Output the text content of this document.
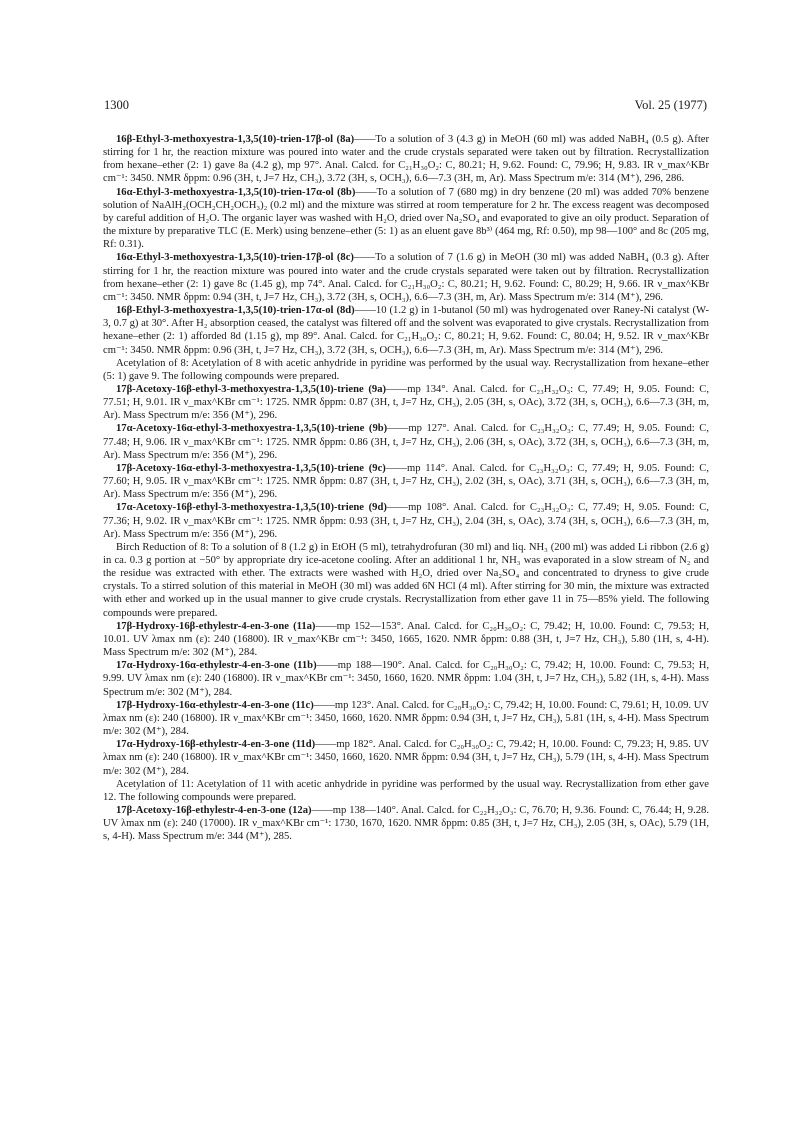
1300	Vol. 25 (1977)

16β-Ethyl-3-methoxyestra-1,3,5(10)-trien-17β-ol (8a)——To a solution of 3 (4.3 g) in MeOH (60 ml) was added NaBH₄ (0.5 g). After stirring for 1 hr, the reaction mixture was poured into water and the crude crystals separated were taken out by filtration. Recrystallization from hexane–ether (2: 1) gave 8a (4.2 g), mp 97°. Anal. Calcd. for C₂₁H₃₀O₂: C, 80.21; H, 9.62. Found: C, 79.96; H, 9.83. IR ν_max^KBr cm⁻¹: 3450. NMR δppm: 0.96 (3H, t, J=7 Hz, CH₃), 3.72 (3H, s, OCH₃), 6.6—7.3 (3H, m, Ar). Mass Spectrum m/e: 314 (M⁺), 296, 286.

16α-Ethyl-3-methoxyestra-1,3,5(10)-trien-17α-ol (8b)——To a solution of 7 (680 mg) in dry benzene (20 ml) was added 70% benzene solution of NaAlH₂(OCH₂CH₂OCH₃)₂ (0.2 ml) and the mixture was stirred at room temperature for 2 hr. The excess reagent was decomposed by careful addition of H₂O. The organic layer was washed with H₂O, dried over Na₂SO₄ and evaporated to give an oily product. Separation of the mixture by preparative TLC (E. Merk) using benzene–ether (5: 1) as an eluent gave 8b³⁾ (464 mg, Rf: 0.50), mp 98—100° and 8c (205 mg, Rf: 0.31).

16α-Ethyl-3-methoxyestra-1,3,5(10)-trien-17β-ol (8c)——To a solution of 7 (1.6 g) in MeOH (30 ml) was added NaBH₄ (0.3 g). After stirring for 1 hr, the reaction mixture was poured into water and the crude crystals separated were taken out by filtration. Recrystallization from hexane–ether (2: 1) gave 8c (1.45 g), mp 74°. Anal. Calcd. for C₂₁H₃₀O₂: C, 80.21; H, 9.62. Found: C, 80.29; H, 9.66. IR ν_max^KBr cm⁻¹: 3450. NMR δppm: 0.94 (3H, t, J=7 Hz, CH₃), 3.72 (3H, s, OCH₃), 6.6—7.3 (3H, m, Ar). Mass Spectrum m/e: 314 (M⁺), 296.

16β-Ethyl-3-methoxyestra-1,3,5(10)-trien-17α-ol (8d)——10 (1.2 g) in 1-butanol (50 ml) was hydrogenated over Raney-Ni catalyst (W-3, 0.7 g) at 30°. After H₂ absorption ceased, the catalyst was filtered off and the solvent was evaporated to give crystals. Recrystallization from hexane–ether (2: 1) afforded 8d (1.15 g), mp 89°. Anal. Calcd. for C₂₁H₃₀O₂: C, 80.21; H, 9.62. Found: C, 80.04; H, 9.52. IR ν_max^KBr cm⁻¹: 3450. NMR δppm: 0.96 (3H, t, J=7 Hz, CH₃), 3.72 (3H, s, OCH₃), 6.6—7.3 (3H, m, Ar). Mass Spectrum m/e: 314 (M⁺), 296.

Acetylation of 8: Acetylation of 8 with acetic anhydride in pyridine was performed by the usual way. Recrystallization from hexane–ether (5: 1) gave 9. The following compounds were prepared.

17β-Acetoxy-16β-ethyl-3-methoxyestra-1,3,5(10)-triene (9a)——mp 134°. Anal. Calcd. for C₂₃H₃₂O₃: C, 77.49; H, 9.05. Found: C, 77.51; H, 9.01. IR ν_max^KBr cm⁻¹: 1725. NMR δppm: 0.87 (3H, t, J=7 Hz, CH₃), 2.05 (3H, s, OAc), 3.72 (3H, s, OCH₃), 6.6—7.3 (3H, m, Ar). Mass Spectrum m/e: 356 (M⁺), 296.

17α-Acetoxy-16α-ethyl-3-methoxyestra-1,3,5(10)-triene (9b)——mp 127°. Anal. Calcd. for C₂₃H₃₂O₃: C, 77.49; H, 9.05. Found: C, 77.48; H, 9.06. IR ν_max^KBr cm⁻¹: 1725. NMR δppm: 0.86 (3H, t, J=7 Hz, CH₃), 2.06 (3H, s, OAc), 3.72 (3H, s, OCH₃), 6.6—7.3 (3H, m, Ar). Mass Spectrum m/e: 356 (M⁺), 296.

17β-Acetoxy-16α-ethyl-3-methoxyestra-1,3,5(10)-triene (9c)——mp 114°. Anal. Calcd. for C₂₃H₃₂O₃: C, 77.49; H, 9.05. Found: C, 77.60; H, 9.05. IR ν_max^KBr cm⁻¹: 1725. NMR δppm: 0.87 (3H, t, J=7 Hz, CH₃), 2.02 (3H, s, OAc), 3.71 (3H, s, OCH₃), 6.6—7.3 (3H, m, Ar). Mass Spectrum m/e: 356 (M⁺), 296.

17α-Acetoxy-16β-ethyl-3-methoxyestra-1,3,5(10)-triene (9d)——mp 108°. Anal. Calcd. for C₂₃H₃₂O₃: C, 77.49; H, 9.05. Found: C, 77.36; H, 9.02. IR ν_max^KBr cm⁻¹: 1725. NMR δppm: 0.93 (3H, t, J=7 Hz, CH₃), 2.04 (3H, s, OAc), 3.74 (3H, s, OCH₃), 6.6—7.3 (3H, m, Ar). Mass Spectrum m/e: 356 (M⁺), 296.

Birch Reduction of 8: To a solution of 8 (1.2 g) in EtOH (5 ml), tetrahydrofuran (30 ml) and liq. NH₃ (200 ml) was added Li ribbon (2.6 g) in ca. 0.3 g portion at −50° by appropriate dry ice-acetone cooling. After an additional 1 hr, NH₃ was evaporated in a slow stream of N₂ and the residue was extracted with ether. The extracts were washed with H₂O, dried over Na₂SO₄ and concentrated to dryness to give crude crystals. To a stirred solution of this material in MeOH (30 ml) was added 6N HCl (4 ml). After stirring for 30 min, the mixture was extracted with ether and worked up in the usual manner to give crude crystals. Recrystallization from ether gave 11 in 75—85% yield. The following compounds were prepared.

17β-Hydroxy-16β-ethylestr-4-en-3-one (11a)——mp 152—153°. Anal. Calcd. for C₂₀H₃₀O₂: C, 79.42; H, 10.00. Found: C, 79.53; H, 10.01. UV λmax nm (ε): 240 (16800). IR ν_max^KBr cm⁻¹: 3450, 1665, 1620. NMR δppm: 0.88 (3H, t, J=7 Hz, CH₃), 5.80 (1H, s, 4-H). Mass Spectrum m/e: 302 (M⁺), 284.

17α-Hydroxy-16α-ethylestr-4-en-3-one (11b)——mp 188—190°. Anal. Calcd. for C₂₀H₃₀O₂: C, 79.42; H, 10.00. Found: C, 79.53; H, 9.99. UV λmax nm (ε): 240 (16800). IR ν_max^KBr cm⁻¹: 3450, 1660, 1620. NMR δppm: 1.04 (3H, t, J=7 Hz, CH₃), 5.82 (1H, s, 4-H). Mass Spectrum m/e: 302 (M⁺), 284.

17β-Hydroxy-16α-ethylestr-4-en-3-one (11c)——mp 123°. Anal. Calcd. for C₂₀H₃₀O₂: C, 79.42; H, 10.00. Found: C, 79.61; H, 10.09. UV λmax nm (ε): 240 (16800). IR ν_max^KBr cm⁻¹: 3450, 1660, 1620. NMR δppm: 0.94 (3H, t, J=7 Hz, CH₃), 5.81 (1H, s, 4-H). Mass Spectrum m/e: 302 (M⁺), 284.

17α-Hydroxy-16β-ethylestr-4-en-3-one (11d)——mp 182°. Anal. Calcd. for C₂₀H₃₀O₂: C, 79.42; H, 10.00. Found: C, 79.23; H, 9.85. UV λmax nm (ε): 240 (16800). IR ν_max^KBr cm⁻¹: 3450, 1660, 1620. NMR δppm: 0.94 (3H, t, J=7 Hz, CH₃), 5.79 (1H, s, 4-H). Mass Spectrum m/e: 302 (M⁺), 284.

Acetylation of 11: Acetylation of 11 with acetic anhydride in pyridine was performed by the usual way. Recrystallization from ether gave 12. The following compounds were prepared.

17β-Acetoxy-16β-ethylestr-4-en-3-one (12a)——mp 138—140°. Anal. Calcd. for C₂₂H₃₂O₃: C, 76.70; H, 9.36. Found: C, 76.44; H, 9.28. UV λmax nm (ε): 240 (17000). IR ν_max^KBr cm⁻¹: 1730, 1670, 1620. NMR δppm: 0.85 (3H, t, J=7 Hz, CH₃), 2.05 (3H, s, OAc), 5.79 (1H, s, 4-H). Mass Spectrum m/e: 344 (M⁺), 285.
